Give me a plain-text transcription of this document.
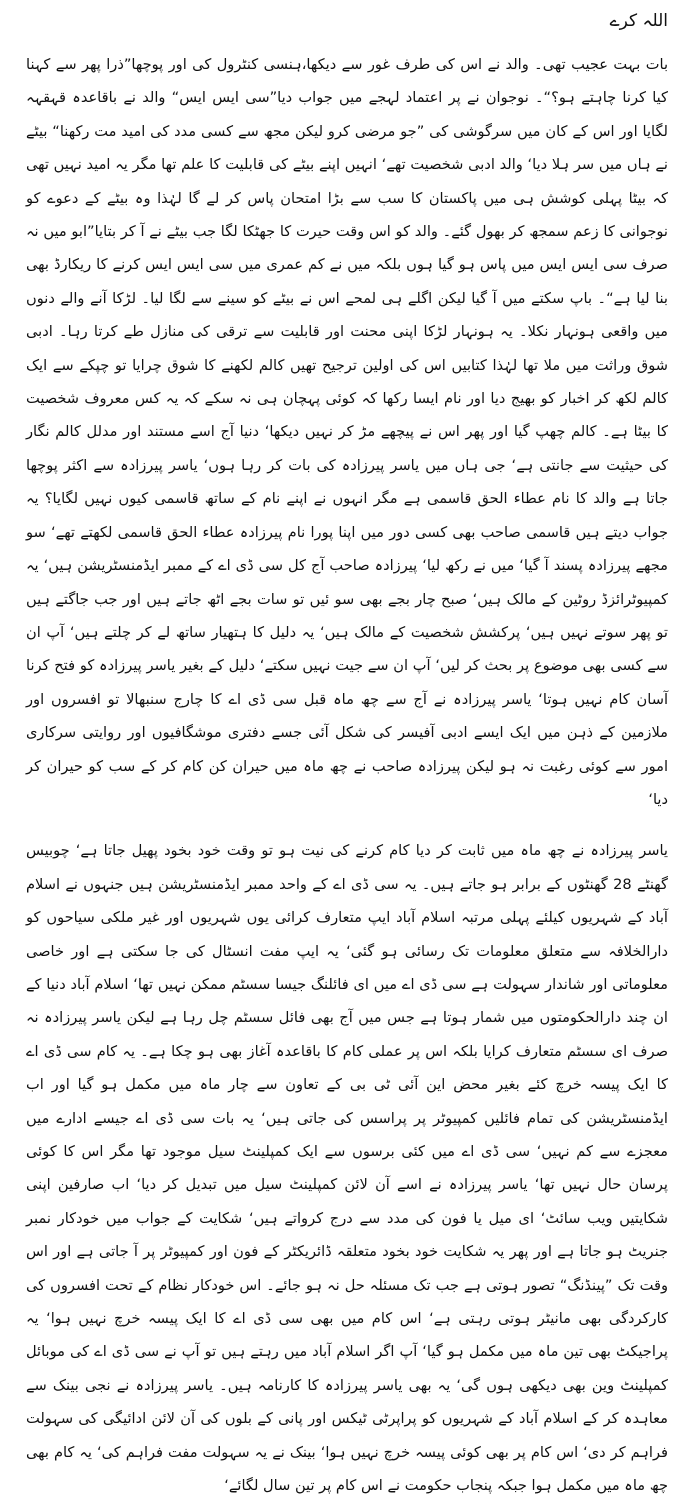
اللہ کرے

بات بہت عجیب تھی۔ والد نے اس کی طرف غور سے دیکھا،ہنسی کنٹرول کی اور پوچھا”ذرا پھر سے کہنا کیا کرنا چاہتے ہو؟“۔ نوجوان نے پر اعتماد لہجے میں جواب دیا”سی ایس ایس“ والد نے باقاعدہ قہقہہ لگایا اور اس کے کان میں سرگوشی کی ”جو مرضی کرو لیکن مجھ سے کسی مدد کی امید مت رکھنا“ بیٹے نے ہاں میں سر ہلا دیا‘ والد ادبی شخصیت تھے‘ انہیں اپنے بیٹے کی قابلیت کا علم تھا مگر یہ امید نہیں تھی کہ بیٹا پہلی کوشش ہی میں پاکستان کا سب سے بڑا امتحان پاس کر لے گا لہٰذا وہ بیٹے کے دعوے کو نوجوانی کا زعم سمجھ کر بھول گئے۔ والد کو اس وقت حیرت کا جھٹکا لگا جب بیٹے نے آ کر بتایا”ابو میں نہ صرف سی ایس ایس میں پاس ہو گیا ہوں بلکہ میں نے کم عمری میں سی ایس ایس کرنے کا ریکارڈ بھی بنا لیا ہے“۔ باپ سکتے میں آ گیا لیکن اگلے ہی لمحے اس نے بیٹے کو سینے سے لگا لیا۔ لڑکا آنے والے دنوں میں واقعی ہونہار نکلا۔ یہ ہونہار لڑکا اپنی محنت اور قابلیت سے ترقی کی منازل طے کرتا رہا۔ ادبی شوق وراثت میں ملا تھا لہٰذا کتابیں اس کی اولین ترجیح تھیں کالم لکھنے کا شوق چرایا تو چپکے سے ایک کالم لکھ کر اخبار کو بھیج دیا اور نام ایسا رکھا کہ کوئی پہچان ہی نہ سکے کہ یہ کس معروف شخصیت کا بیٹا ہے۔ کالم چھپ گیا اور پھر اس نے پیچھے مڑ کر نہیں دیکھا‘ دنیا آج اسے مستند اور مدلل کالم نگار کی حیثیت سے جانتی ہے‘ جی ہاں میں یاسر پیرزادہ کی بات کر رہا ہوں‘ یاسر پیرزادہ سے اکثر پوچھا جاتا ہے والد کا نام عطاء الحق قاسمی ہے مگر انہوں نے اپنے نام کے ساتھ قاسمی کیوں نہیں لگایا؟ یہ جواب دیتے ہیں قاسمی صاحب بھی کسی دور میں اپنا پورا نام پیرزادہ عطاء الحق قاسمی لکھتے تھے‘ سو مجھے پیرزادہ پسند آ گیا‘ میں نے رکھ لیا‘ پیرزادہ صاحب آج کل سی ڈی اے کے ممبر ایڈمنسٹریشن ہیں‘ یہ کمپیوٹرائزڈ روٹین کے مالک ہیں‘ صبح چار بجے بھی سو ئیں تو سات بجے اٹھ جاتے ہیں اور جب جاگتے ہیں تو پھر سوتے نہیں ہیں‘ پرکشش شخصیت کے مالک ہیں‘ یہ دلیل کا ہتھیار ساتھ لے کر چلتے ہیں‘ آپ ان سے کسی بھی موضوع پر بحث کر لیں‘ آپ ان سے جیت نہیں سکتے‘ دلیل کے بغیر یاسر پیرزادہ کو فتح کرنا آسان کام نہیں ہوتا‘ یاسر پیرزادہ نے آج سے چھ ماہ قبل سی ڈی اے کا چارج سنبھالا تو افسروں اور ملازمین کے ذہن میں ایک ایسے ادبی آفیسر کی شکل آئی جسے دفتری موشگافیوں اور روایتی سرکاری امور سے کوئی رغبت نہ ہو لیکن پیرزادہ صاحب نے چھ ماہ میں حیران کن کام کر کے سب کو حیران کر دیا‘

یاسر پیرزادہ نے چھ ماہ میں ثابت کر دیا کام کرنے کی نیت ہو تو وقت خود بخود پھیل جاتا ہے‘ چوبیس گھنٹے 28 گھنٹوں کے برابر ہو جاتے ہیں۔ یہ سی ڈی اے کے واحد ممبر ایڈمنسٹریشن ہیں جنہوں نے اسلام آباد کے شہریوں کیلئے پہلی مرتبہ اسلام آباد ایپ متعارف کرائی یوں شہریوں اور غیر ملکی سیاحوں کو دارالخلافہ سے متعلق معلومات تک رسائی ہو گئی‘ یہ ایپ مفت انسٹال کی جا سکتی ہے اور خاصی معلوماتی اور شاندار سہولت ہے سی ڈی اے میں ای فائلنگ جیسا سسٹم ممکن نہیں تھا‘ اسلام آباد دنیا کے ان چند دارالحکومتوں میں شمار ہوتا ہے جس میں آج بھی فائل سسٹم چل رہا ہے لیکن یاسر پیرزادہ نہ صرف ای سسٹم متعارف کرایا بلکہ اس پر عملی کام کا باقاعدہ آغاز بھی ہو چکا ہے۔ یہ کام سی ڈی اے کا ایک پیسہ خرچ کئے بغیر محض این آئی ٹی بی کے تعاون سے چار ماہ میں مکمل ہو گیا اور اب ایڈمنسٹریشن کی تمام فائلیں کمپیوٹر پر پراسس کی جاتی ہیں‘ یہ بات سی ڈی اے جیسے ادارے میں معجزے سے کم نہیں‘ سی ڈی اے میں کئی برسوں سے ایک کمپلینٹ سیل موجود تھا مگر اس کا کوئی پرسان حال نہیں تھا‘ یاسر پیرزادہ نے اسے آن لائن کمپلینٹ سیل میں تبدیل کر دیا‘ اب صارفین اپنی شکایتیں ویب سائٹ‘ ای میل یا فون کی مدد سے درج کرواتے ہیں‘ شکایت کے جواب میں خودکار نمبر جنریٹ ہو جاتا ہے اور پھر یہ شکایت خود بخود متعلقہ ڈائریکٹر کے فون اور کمپیوٹر پر آ جاتی ہے اور اس وقت تک ”پینڈنگ“ تصور ہوتی ہے جب تک مسئلہ حل نہ ہو جائے۔ اس خودکار نظام کے تحت افسروں کی کارکردگی بھی مانیٹر ہوتی رہتی ہے‘ اس کام میں بھی سی ڈی اے کا ایک پیسہ خرچ نہیں ہوا‘ یہ پراجیکٹ بھی تین ماہ میں مکمل ہو گیا‘ آپ اگر اسلام آباد میں رہتے ہیں تو آپ نے سی ڈی اے کی موبائل کمپلینٹ وین بھی دیکھی ہوں گی‘ یہ بھی یاسر پیرزادہ کا کارنامہ ہیں۔ یاسر پیرزادہ نے نجی بینک سے معاہدہ کر کے اسلام آباد کے شہریوں کو پراپرٹی ٹیکس اور پانی کے بلوں کی آن لائن ادائیگی کی سہولت فراہم کر دی‘ اس کام پر بھی کوئی پیسہ خرچ نہیں ہوا‘ بینک نے یہ سہولت مفت فراہم کی‘ یہ کام بھی چھ ماہ میں مکمل ہوا جبکہ پنجاب حکومت نے اس کام پر تین سال لگائے‘
